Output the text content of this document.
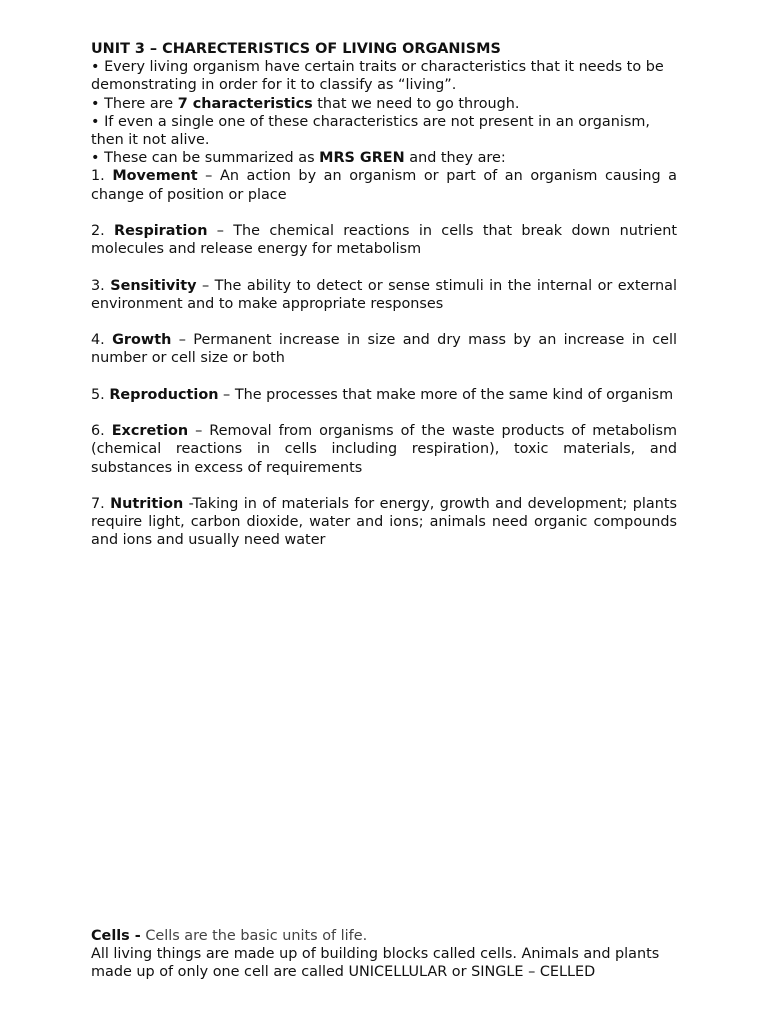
UNIT 3 – CHARECTERISTICS OF LIVING ORGANISMS

• Every living organism have certain traits or characteristics that it needs to be demonstrating in order for it to classify as “living”.

• There are 7 characteristics that we need to go through.

• If even a single one of these characteristics are not present in an organism, then it not alive.

• These can be summarized as MRS GREN and they are:

1. Movement – An action by an organism or part of an organism causing a change of position or place

2. Respiration – The chemical reactions in cells that break down nutrient molecules and release energy for metabolism

3. Sensitivity – The ability to detect or sense stimuli in the internal or external environment and to make appropriate responses

4. Growth – Permanent increase in size and dry mass by an increase in cell number or cell size or both

5. Reproduction – The processes that make more of the same kind of organism

6. Excretion – Removal from organisms of the waste products of metabolism (chemical reactions in cells including respiration), toxic materials, and substances in excess of requirements

7. Nutrition -Taking in of materials for energy, growth and development; plants require light, carbon dioxide, water and ions; animals need organic compounds and ions and usually need water

Cells - Cells are the basic units of life.

All living things are made up of building blocks called cells. Animals and plants made up of only one cell are called UNICELLULAR or SINGLE – CELLED
